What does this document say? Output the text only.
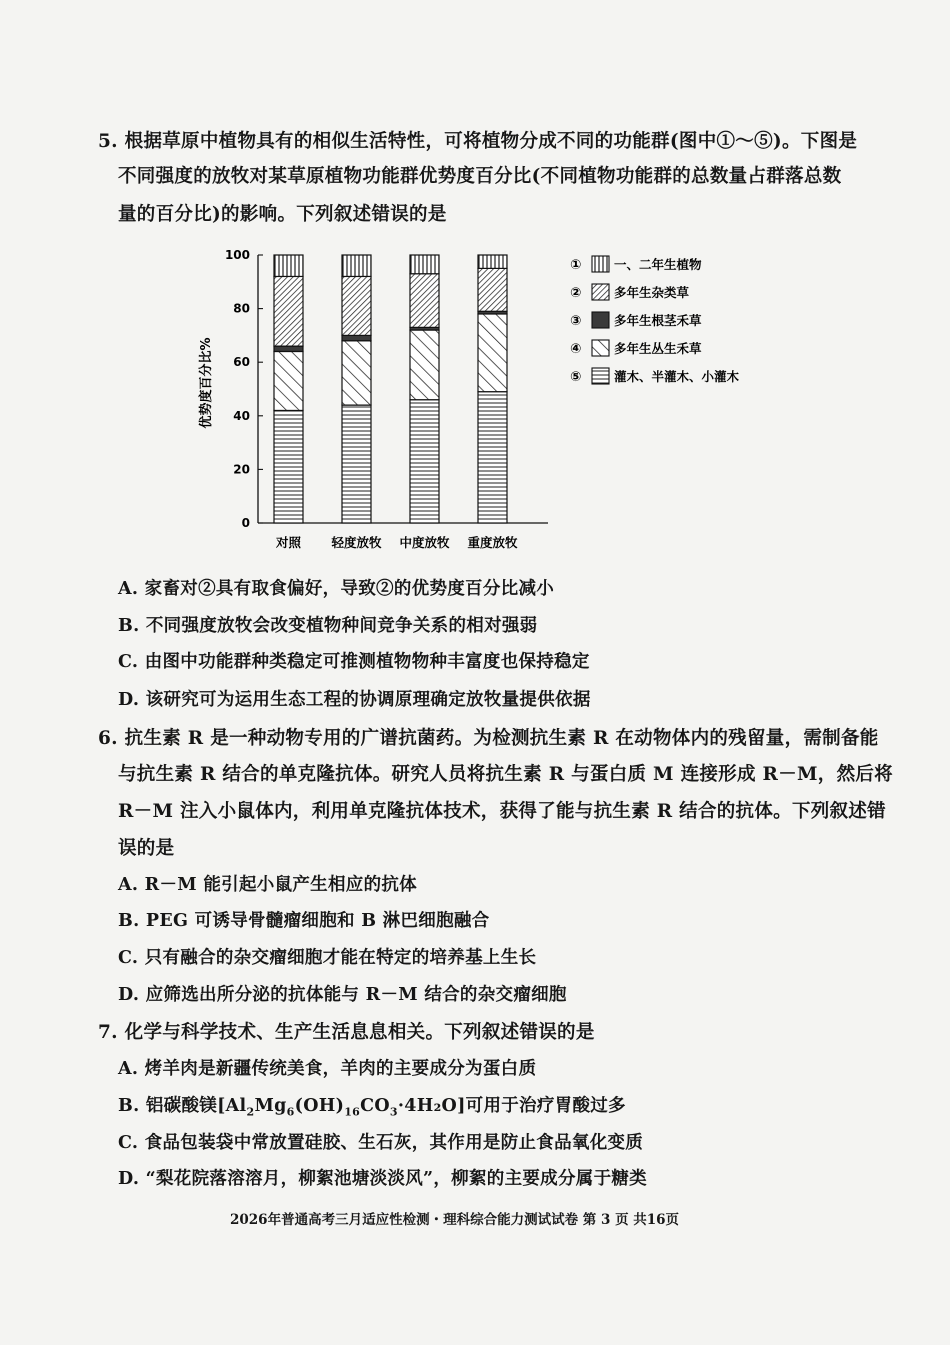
5. 根据草原中植物具有的相似生活特性，可将植物分成不同的功能群(图中①～⑤)。下图是
不同强度的放牧对某草原植物功能群优势度百分比(不同植物功能群的总数量占群落总数
量的百分比)的影响。下列叙述错误的是
优势度百分比%
0
20
40
60
80
100
对照 轻度放牧 中度放牧 重度放牧
①	一、二年生植物
②	多年生杂类草
③	多年生根茎禾草
④	多年生丛生禾草
⑤	灌木、半灌木、小灌木
A. 家畜对②具有取食偏好，导致②的优势度百分比减小
B. 不同强度放牧会改变植物种间竞争关系的相对强弱
C. 由图中功能群种类稳定可推测植物物种丰富度也保持稳定
D. 该研究可为运用生态工程的协调原理确定放牧量提供依据
6. 抗生素 R 是一种动物专用的广谱抗菌药。为检测抗生素 R 在动物体内的残留量，需制备能
与抗生素 R 结合的单克隆抗体。研究人员将抗生素 R 与蛋白质 M 连接形成 R－M，然后将
R－M 注入小鼠体内，利用单克隆抗体技术，获得了能与抗生素 R 结合的抗体。下列叙述错
误的是
A. R－M 能引起小鼠产生相应的抗体
B. PEG 可诱导骨髓瘤细胞和 B 淋巴细胞融合
C. 只有融合的杂交瘤细胞才能在特定的培养基上生长
D. 应筛选出所分泌的抗体能与 R－M 结合的杂交瘤细胞
7. 化学与科学技术、生产生活息息相关。下列叙述错误的是
A. 烤羊肉是新疆传统美食，羊肉的主要成分为蛋白质
B. 铝碳酸镁$[Al_2Mg_6(OH)_{16}CO_3\cdot 4H_2O]$可用于治疗胃酸过多
C. 食品包装袋中常放置硅胶、生石灰，其作用是防止食品氧化变质
D. “梨花院落溶溶月，柳絮池塘淡淡风”，柳絮的主要成分属于糖类
2026年普通高考三月适应性检测・理科综合能力测试试卷 第 3 页 共16页
